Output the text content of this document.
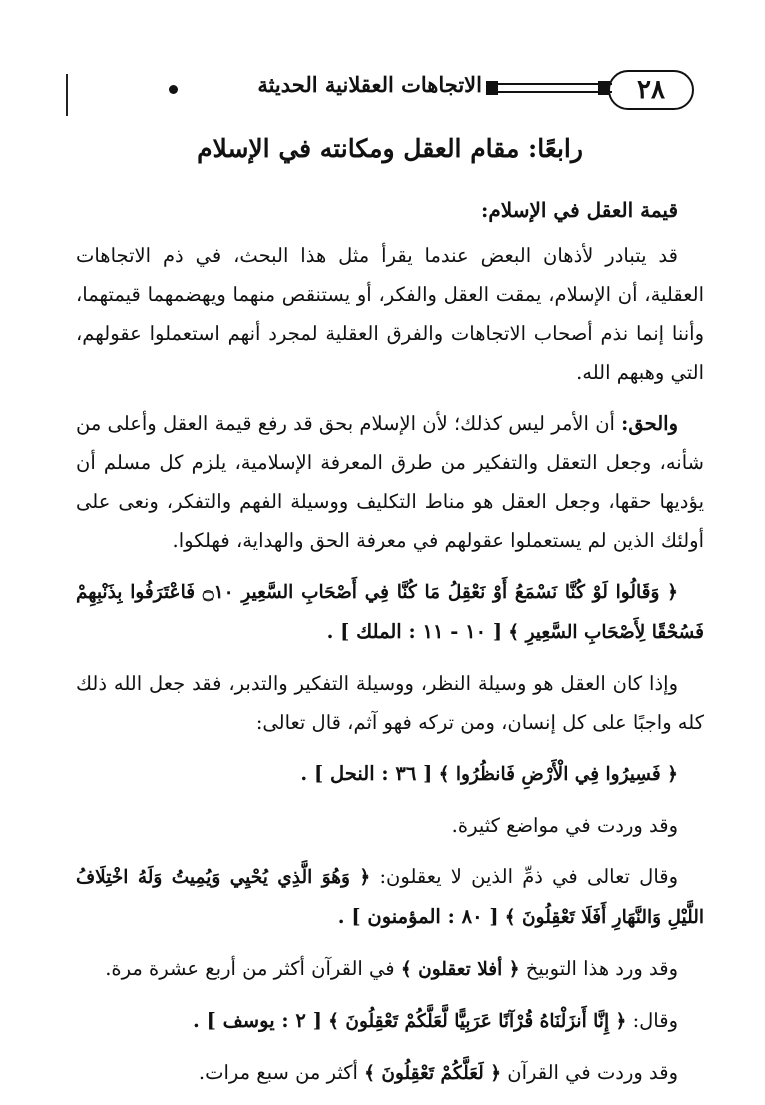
٢٨
الاتجاهات العقلانية الحديثة
رابعًا: مقام العقل ومكانته في الإسلام
قيمة العقل في الإسلام:

قد يتبادر لأذهان البعض عندما يقرأ مثل هذا البحث، في ذم الاتجاهات العقلية، أن الإسلام، يمقت العقل والفكر، أو يستنقص منهما ويهضمهما قيمتهما، وأننا إنما نذم أصحاب الاتجاهات والفرق العقلية لمجرد أنهم استعملوا عقولهم، التي وهبهم الله.

والحق: أن الأمر ليس كذلك؛ لأن الإسلام بحق قد رفع قيمة العقل وأعلى من شأنه، وجعل التعقل والتفكير من طرق المعرفة الإسلامية، يلزم كل مسلم أن يؤديها حقها، وجعل العقل هو مناط التكليف ووسيلة الفهم والتفكر، ونعى على أولئك الذين لم يستعملوا عقولهم في معرفة الحق والهداية، فهلكوا.

﴿ وَقَالُوا لَوْ كُنَّا نَسْمَعُ أَوْ نَعْقِلُ مَا كُنَّا فِي أَصْحَابِ السَّعِيرِ ۝١٠ فَاعْتَرَفُوا بِذَنْبِهِمْ فَسُحْقًا لِأَصْحَابِ السَّعِيرِ ﴾ [ ١٠ - ١١ : الملك ] .

وإذا كان العقل هو وسيلة النظر، ووسيلة التفكير والتدبر، فقد جعل الله ذلك كله واجبًا على كل إنسان، ومن تركه فهو آثم، قال تعالى:

﴿ فَسِيرُوا فِي الْأَرْضِ فَانظُرُوا ﴾ [ ٣٦ : النحل ] .

وقد وردت في مواضع كثيرة.

وقال تعالى في ذمِّ الذين لا يعقلون: ﴿ وَهُوَ الَّذِي يُحْيِي وَيُمِيتُ وَلَهُ اخْتِلَافُ اللَّيْلِ وَالنَّهَارِ أَفَلَا تَعْقِلُونَ ﴾ [ ٨٠ : المؤمنون ] .

وقد ورد هذا التوبيخ ﴿ أفلا تعقلون ﴾ في القرآن أكثر من أربع عشرة مرة.

وقال: ﴿ إِنَّا أَنزَلْنَاهُ قُرْآنًا عَرَبِيًّا لَّعَلَّكُمْ تَعْقِلُونَ ﴾ [ ٢ : يوسف ] .

وقد وردت في القرآن ﴿ لَعَلَّكُمْ تَعْقِلُونَ ﴾ أكثر من سبع مرات.
